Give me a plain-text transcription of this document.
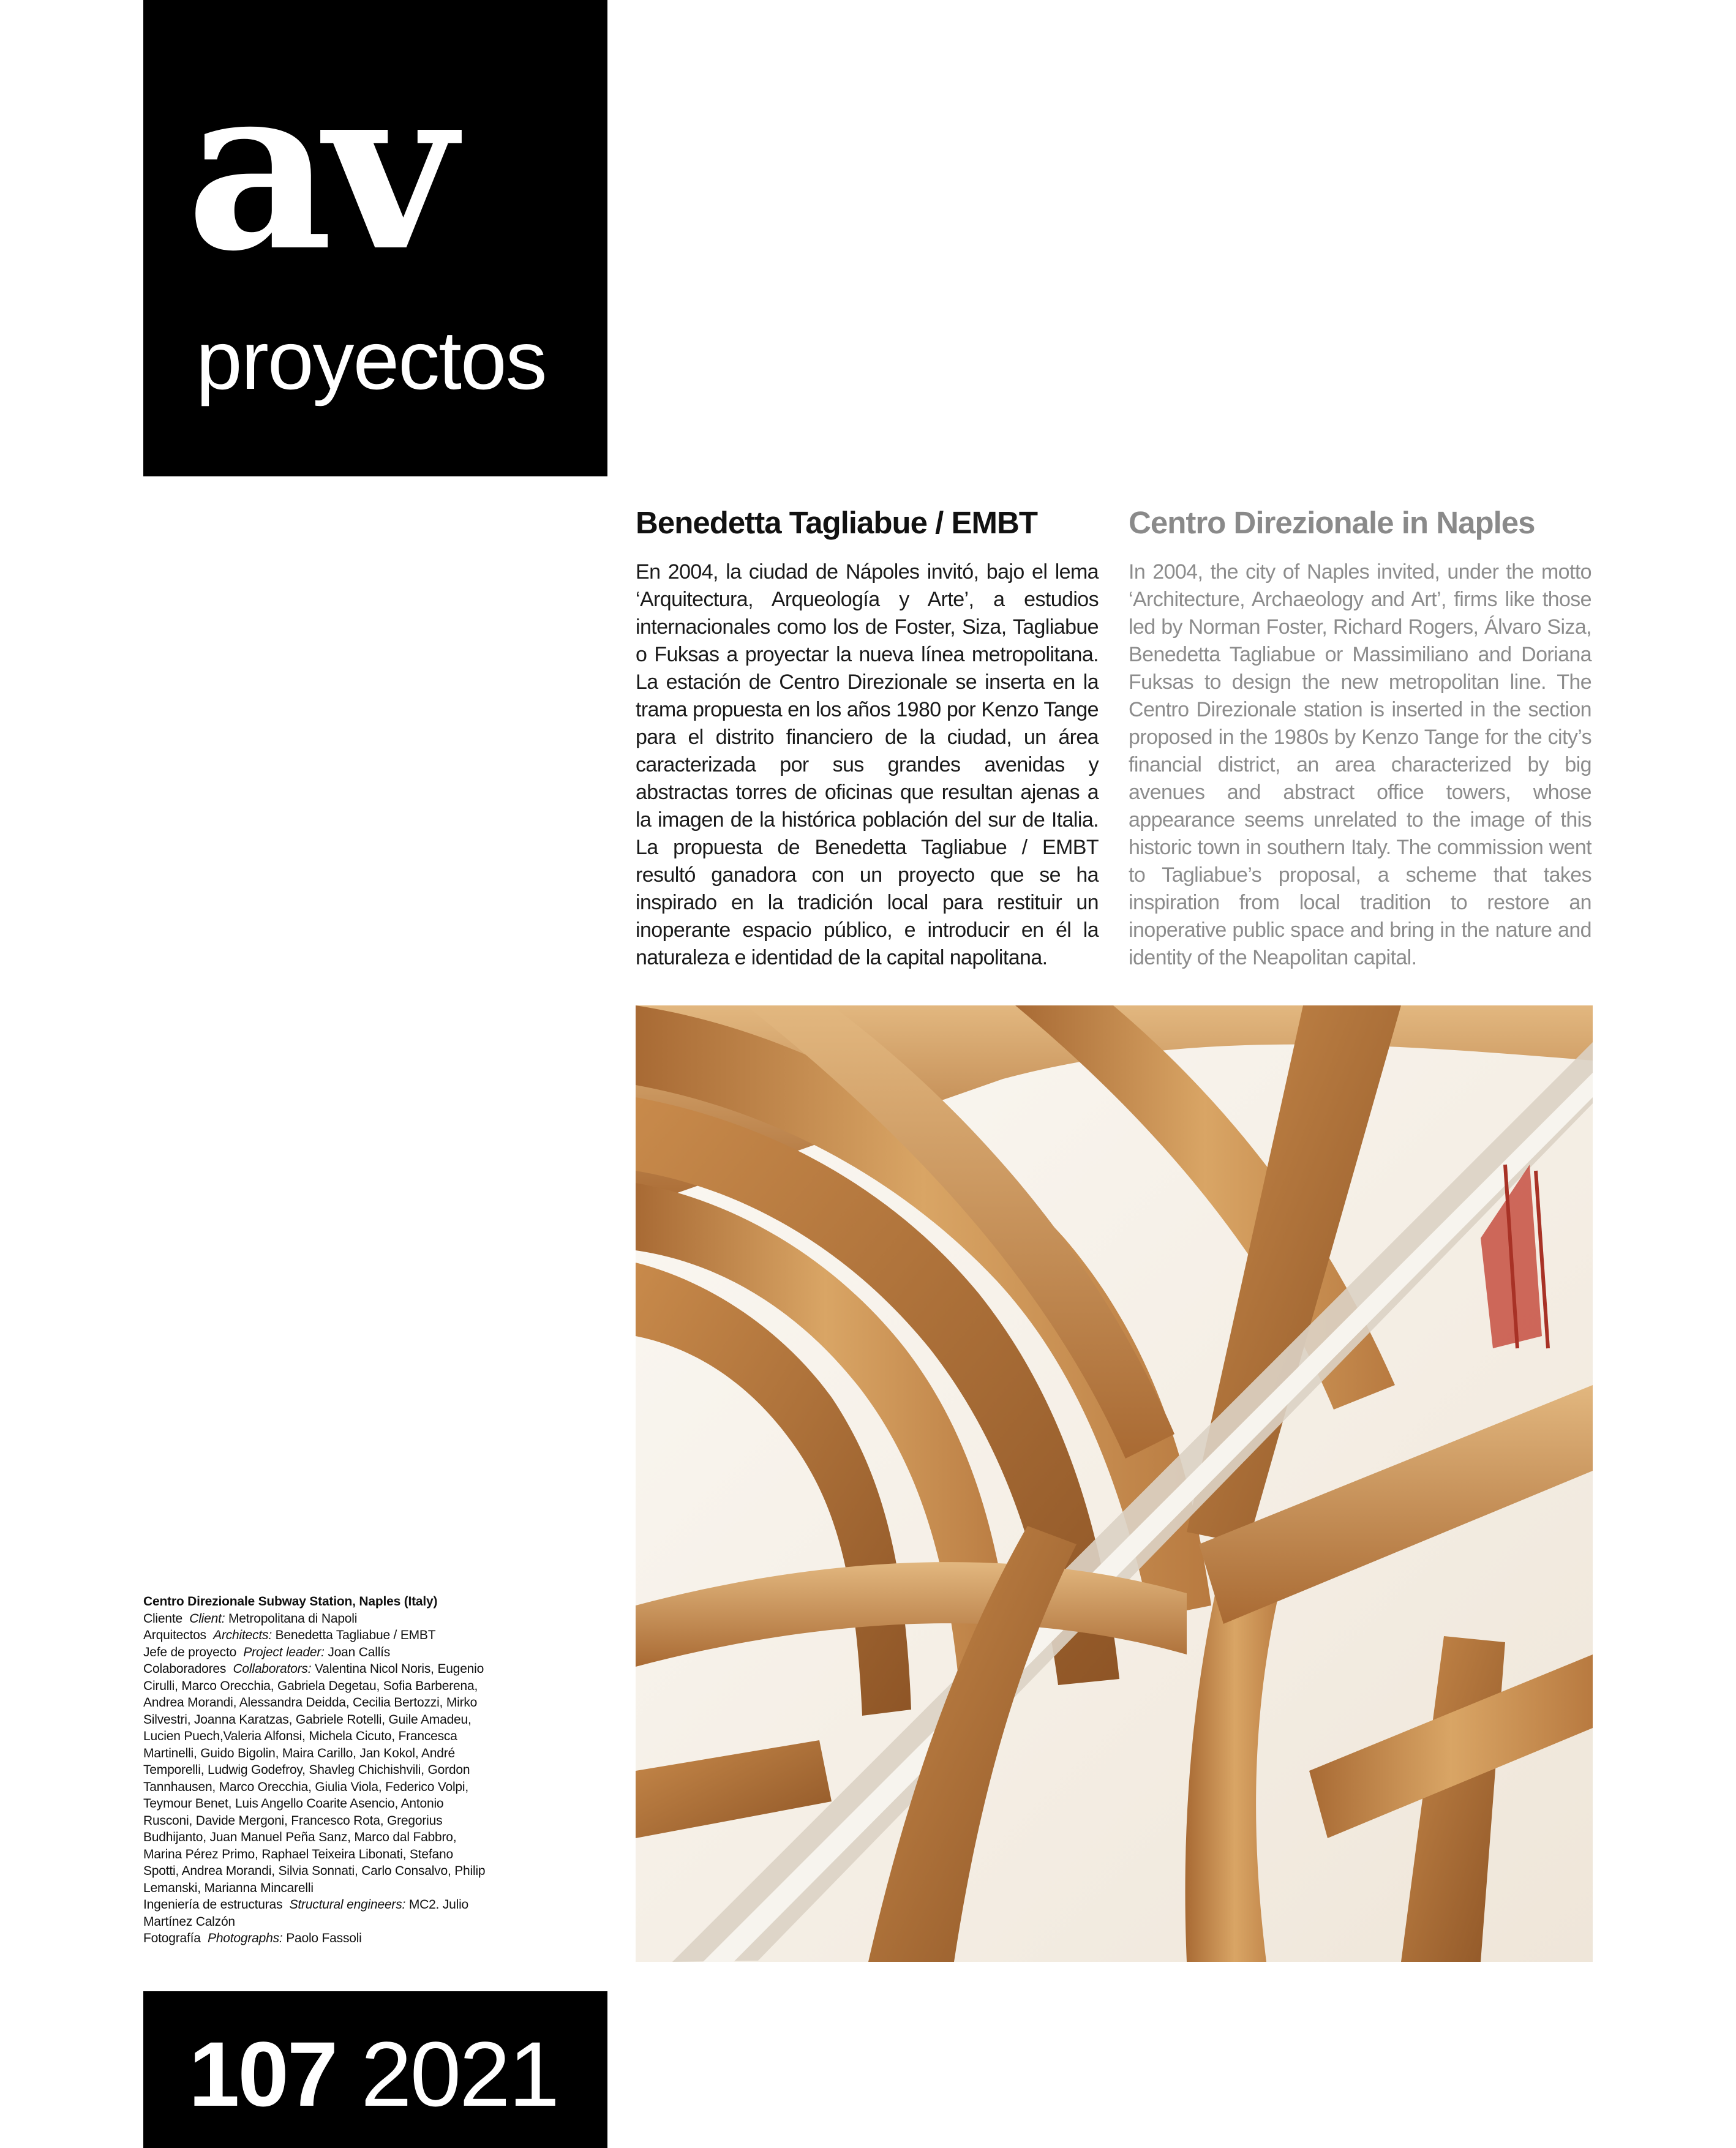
av
proyectos
Benedetta Tagliabue / EMBT	Centro Direzionale in Naples

En 2004, la ciudad de Nápoles invitó, bajo el lema ‘Arquitectura, Arqueología y Arte’, a estudios internacionales como los de Foster, Siza, Tagliabue o Fuksas a proyectar la nueva línea metropolitana. La estación de Centro Direzionale se inserta en la trama propuesta en los años 1980 por Kenzo Tange para el distrito financiero de la ciudad, un área caracterizada por sus grandes avenidas y abstractas torres de oficinas que resultan ajenas a la imagen de la histórica población del sur de Italia. La propuesta de Benedetta Tagliabue / EMBT resultó ganadora con un proyecto que se ha inspirado en la tradición local para restituir un inoperante espacio público, e introducir en él la naturaleza e identidad de la capital napolitana.

In 2004, the city of Naples invited, under the motto ‘Architecture, Archaeology and Art’, firms like those led by Norman Foster, Richard Rogers, Álvaro Siza, Benedetta Tagliabue or Massimiliano and Doriana Fuksas to design the new metropolitan line. The Centro Direzionale station is inserted in the section proposed in the 1980s by Kenzo Tange for the city’s financial district, an area characterized by big avenues and abstract office towers, whose appearance seems unrelated to the image of this historic town in southern Italy. The commission went to Tagliabue’s proposal, a scheme that takes inspiration from local tradition to restore an inoperative public space and bring in the nature and identity of the Neapolitan capital.

Centro Direzionale Subway Station, Naples (Italy)

Cliente Client: Metropolitana di Napoli

Arquitectos Architects: Benedetta Tagliabue / EMBT

Jefe de proyecto Project leader: Joan Callís

Colaboradores Collaborators: Valentina Nicol Noris, Eugenio Cirulli, Marco Orecchia, Gabriela Degetau, Sofia Barberena, Andrea Morandi, Alessandra Deidda, Cecilia Bertozzi, Mirko Silvestri, Joanna Karatzas, Gabriele Rotelli, Guile Amadeu, Lucien Puech,Valeria Alfonsi, Michela Cicuto, Francesca Martinelli, Guido Bigolin, Maira Carillo, Jan Kokol, André Temporelli, Ludwig Godefroy, Shavleg Chichishvili, Gordon Tannhausen, Marco Orecchia, Giulia Viola, Federico Volpi, Teymour Benet, Luis Angello Coarite Asencio, Antonio Rusconi, Davide Mergoni, Francesco Rota, Gregorius Budhijanto, Juan Manuel Peña Sanz, Marco dal Fabbro, Marina Pérez Primo, Raphael Teixeira Libonati, Stefano Spotti, Andrea Morandi, Silvia Sonnati, Carlo Consalvo, Philip Lemanski, Marianna Mincarelli

Ingeniería de estructuras Structural engineers: MC2. Julio Martínez Calzón

Fotografía Photographs: Paolo Fassoli

107 2021
